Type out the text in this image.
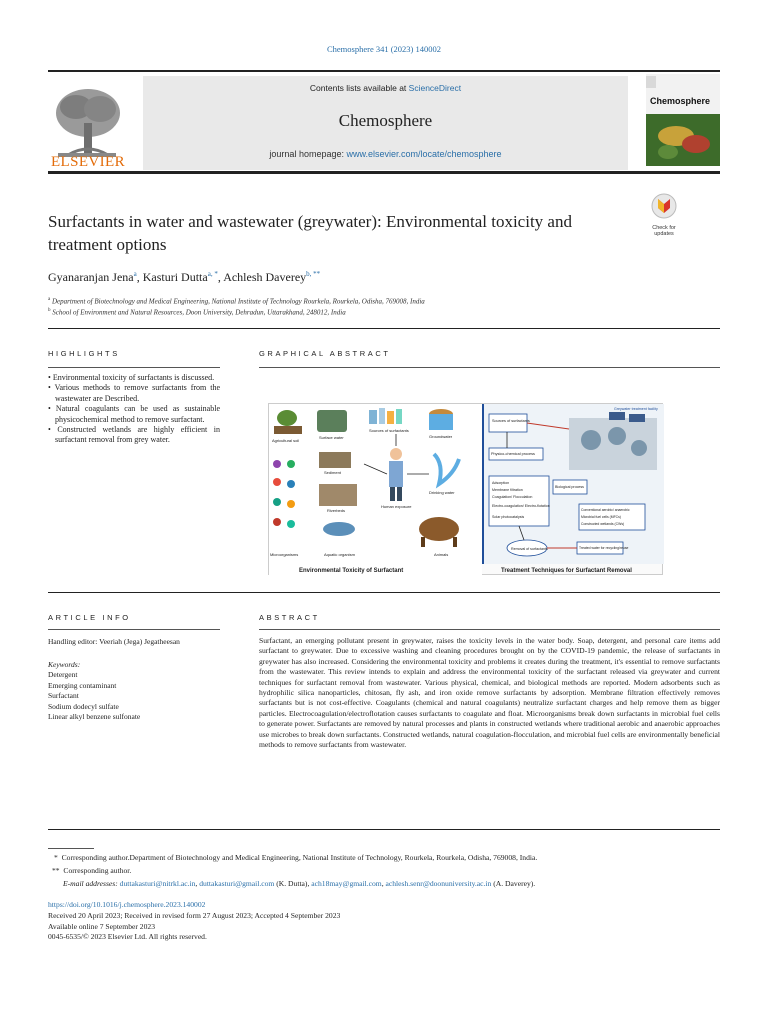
Chemosphere 341 (2023) 140002
ELSEVIER
Contents lists available at ScienceDirect
Chemosphere
journal homepage: www.elsevier.com/locate/chemosphere
Chemosphere
Surfactants in water and wastewater (greywater): Environmental toxicity and treatment options
Check for
updates
Gyanaranjan Jena$^a$, Kasturi Dutta$^{a, *}$, Achlesh Daverey$^{b, **}$
$^a$ Department of Biotechnology and Medical Engineering, National Institute of Technology Rourkela, Rourkela, Odisha, 769008, India
$^b$ School of Environment and Natural Resources, Doon University, Dehradun, Uttarakhand, 248012, India
HIGHLIGHTS	GRAPHICAL ABSTRACT
• Environmental toxicity of surfactants is discussed.
• Various methods to remove surfactants from the wastewater are Described.
• Natural coagulants can be used as sustainable physicochemical method to remove surfactant.
• Constructed wetlands are highly efficient in surfactant removal from grey water.	Agricultural soil
Surface water
Sources of surfactants
Groundwater
Sediment
Drinking water
Riverbeds
Human exposure
Microorganisms	Aquatic organism	Animals
Sources of surfactants
Physico-chemical process
Adsorption
Membrane filtration
Coagulation/ Flocculation
Electro-coagulation/ Electro-flotation
Solar photocatalysis
Biological process
Conventional aerobic/ anaerobic
Microbial fuel cells (MFCs)
Constructed wetlands (CWs)
Removal of surfactants	Treated water for recycling/reuse
Greywater treatment facility
Environmental Toxicity of Surfactant	Treatment Techniques for Surfactant Removal
ARTICLE INFO	ABSTRACT
Handling editor: Veeriah (Jega) Jegatheesan
Keywords:
Detergent
Emerging contaminant
Surfactant
Sodium dodecyl sulfate
Linear alkyl benzene sulfonate
Surfactant, an emerging pollutant present in greywater, raises the toxicity levels in the water body. Soap, detergent, and personal care items add surfactant to greywater. Due to excessive washing and cleaning procedures brought on by the COVID-19 pandemic, the release of surfactants in greywater has also increased. Considering the environmental toxicity and problems it creates during the treatment, it's essential to remove surfactants from the wastewater. This review intends to explain and address the environmental toxicity of the surfactant released via greywater and current techniques for surfactant removal from wastewater. Various physical, chemical, and biological methods are reported. Modern adsorbents such as hydrophilic silica nanoparticles, chitosan, fly ash, and iron oxide remove surfactants by adsorption. Membrane filtration effectively removes surfactants but is not cost-effective. Coagulants (chemical and natural coagulants) neutralize surfactant charges and help remove them as bigger particles. Electrocoagulation/electroflotation causes surfactants to coagulate and float. Microorganisms break down surfactants in microbial fuel cells to generate power. Surfactants are removed by natural processes and plants in constructed wetlands where traditional aerobic and anaerobic approaches use microbes to break down surfactants. Constructed wetlands, natural coagulation-flocculation, and microbial fuel cells are environmentally beneficial methods to remove surfactants from wastewater.
* Corresponding author.Department of Biotechnology and Medical Engineering, National Institute of Technology, Rourkela, Rourkela, Odisha, 769008, India.
** Corresponding author.
E-mail addresses: duttakasturi@nitrkl.ac.in, duttakasturi@gmail.com (K. Dutta), ach18may@gmail.com, achlesh.senr@doonuniversity.ac.in (A. Daverey).
https://doi.org/10.1016/j.chemosphere.2023.140002
Received 20 April 2023; Received in revised form 27 August 2023; Accepted 4 September 2023
Available online 7 September 2023
0045-6535/© 2023 Elsevier Ltd. All rights reserved.
